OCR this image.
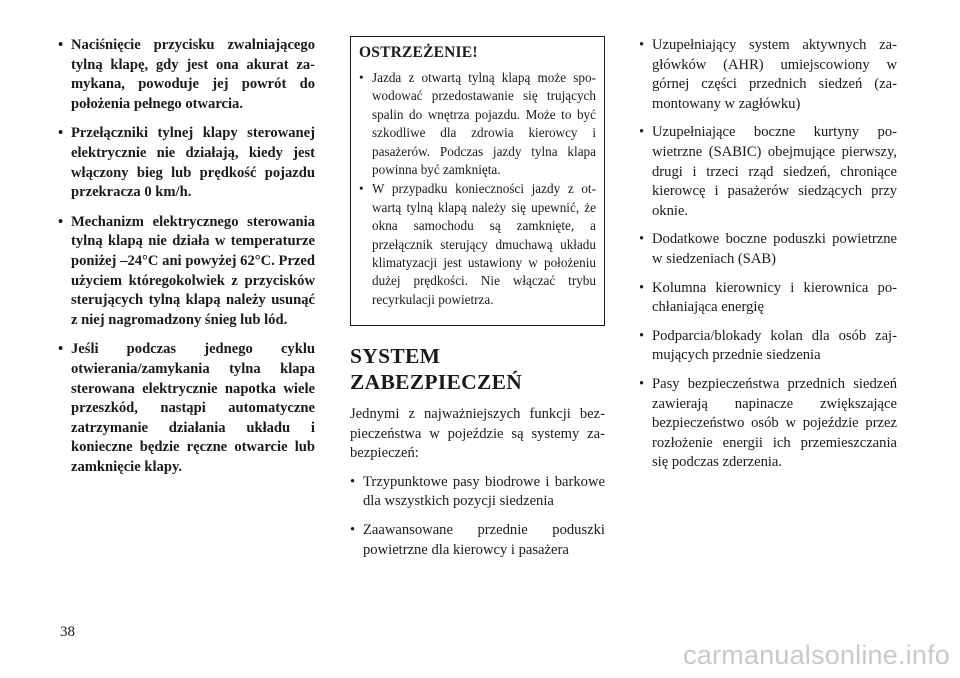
• Naciśnięcie przycisku zwalniającego tylną klapę, gdy jest ona akurat zamykana, powoduje jej powrót do położenia pełnego otwarcia.
• Przełączniki tylnej klapy sterowanej elektrycznie nie działają, kiedy jest włączony bieg lub prędkość pojazdu przekracza 0 km/h.
• Mechanizm elektrycznego sterowania tylną klapą nie działa w temperaturze poniżej –24°C ani powyżej 62°C. Przed użyciem któregokolwiek z przycisków sterujących tylną klapą należy usunąć z niej nagromadzony śnieg lub lód.
• Jeśli podczas jednego cyklu otwierania/zamykania tylna klapa sterowana elektrycznie napotka wiele przeszkód, nastąpi automatyczne zatrzymanie działania układu i konieczne będzie ręczne otwarcie lub zamknięcie klapy.
OSTRZEŻENIE!
• Jazda z otwartą tylną klapą może spowodować przedostawanie się trujących spalin do wnętrza pojazdu. Może to być szkodliwe dla zdrowia kierowcy i pasażerów. Podczas jazdy tylna klapa powinna być zamknięta.
• W przypadku konieczności jazdy z otwartą tylną klapą należy się upewnić, że okna samochodu są zamknięte, a przełącznik sterujący dmuchawą układu klimatyzacji jest ustawiony w położeniu dużej prędkości. Nie włączać trybu recyrkulacji powietrza.
SYSTEM
ZABEZPIECZEŃ

Jednymi z najważniejszych funkcji bezpieczeństwa w pojeździe są systemy zabezpieczeń:

• Trzypunktowe pasy biodrowe i barkowe dla wszystkich pozycji siedzenia
• Zaawansowane przednie poduszki powietrzne dla kierowcy i pasażera
• Uzupełniający system aktywnych zagłówków (AHR) umiejscowiony w górnej części przednich siedzeń (zamontowany w zagłówku)
• Uzupełniające boczne kurtyny powietrzne (SABIC) obejmujące pierwszy, drugi i trzeci rząd siedzeń, chroniące kierowcę i pasażerów siedzących przy oknie.
• Dodatkowe boczne poduszki powietrzne w siedzeniach (SAB)
• Kolumna kierownicy i kierownica pochłaniająca energię
• Podparcia/blokady kolan dla osób zajmujących przednie siedzenia
• Pasy bezpieczeństwa przednich siedzeń zawierają napinacze zwiększające bezpieczeństwo osób w pojeździe przez rozłożenie energii ich przemieszczania się podczas zderzenia.
38
carmanualsonline.info
